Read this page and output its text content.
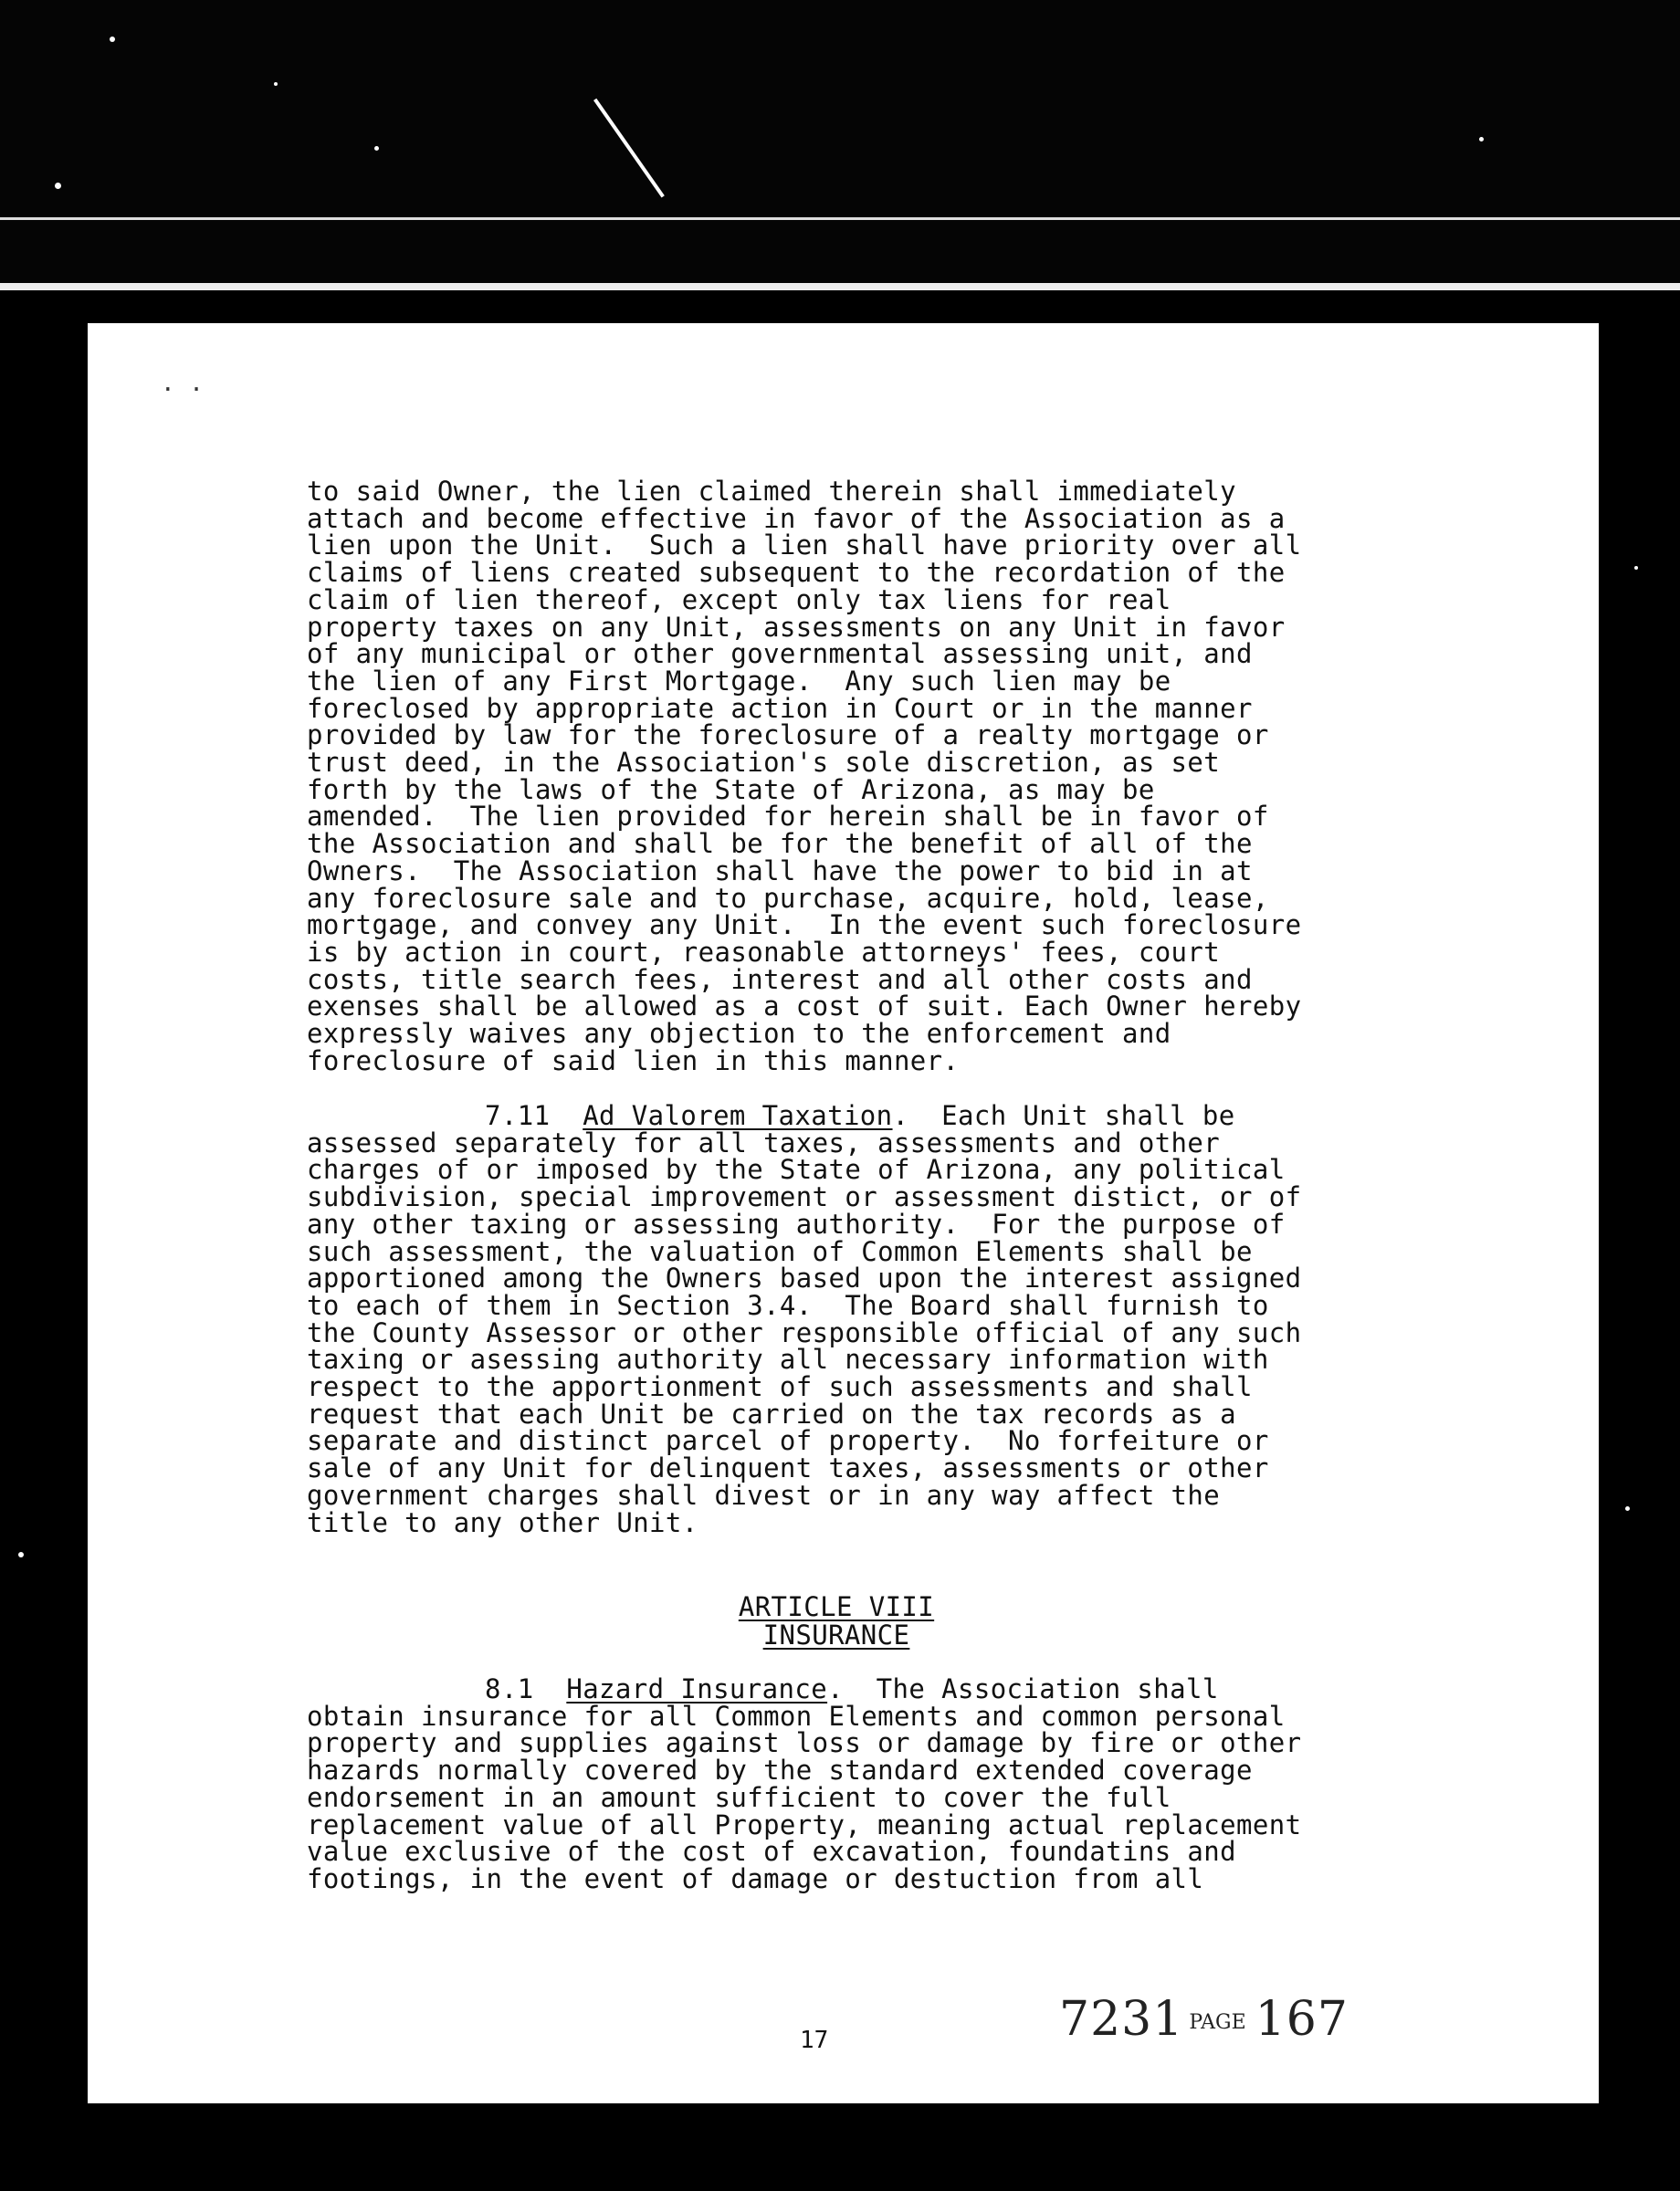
· ·
to said Owner, the lien claimed therein shall immediately
attach and become effective in favor of the Association as a
lien upon the Unit.  Such a lien shall have priority over all
claims of liens created subsequent to the recordation of the
claim of lien thereof, except only tax liens for real
property taxes on any Unit, assessments on any Unit in favor
of any municipal or other governmental assessing unit, and
the lien of any First Mortgage.  Any such lien may be
foreclosed by appropriate action in Court or in the manner
provided by law for the foreclosure of a realty mortgage or
trust deed, in the Association's sole discretion, as set
forth by the laws of the State of Arizona, as may be
amended.  The lien provided for herein shall be in favor of
the Association and shall be for the benefit of all of the
Owners.  The Association shall have the power to bid in at
any foreclosure sale and to purchase, acquire, hold, lease,
mortgage, and convey any Unit.  In the event such foreclosure
is by action in court, reasonable attorneys' fees, court
costs, title search fees, interest and all other costs and
exenses shall be allowed as a cost of suit. Each Owner hereby
expressly waives any objection to the enforcement and
foreclosure of said lien in this manner.
7.11 Ad Valorem Taxation.  Each Unit shall be
assessed separately for all taxes, assessments and other
charges of or imposed by the State of Arizona, any political
subdivision, special improvement or assessment distict, or of
any other taxing or assessing authority.  For the purpose of
such assessment, the valuation of Common Elements shall be
apportioned among the Owners based upon the interest assigned
to each of them in Section 3.4.  The Board shall furnish to
the County Assessor or other responsible official of any such
taxing or asessing authority all necessary information with
respect to the apportionment of such assessments and shall
request that each Unit be carried on the tax records as a
separate and distinct parcel of property.  No forfeiture or
sale of any Unit for delinquent taxes, assessments or other
government charges shall divest or in any way affect the
title to any other Unit.
ARTICLE VIII
INSURANCE
8.1 Hazard Insurance.  The Association shall
obtain insurance for all Common Elements and common personal
property and supplies against loss or damage by fire or other
hazards normally covered by the standard extended coverage
endorsement in an amount sufficient to cover the full
replacement value of all Property, meaning actual replacement
value exclusive of the cost of excavation, foundatins and
footings, in the event of damage or destuction from all
17	7231 PAGE 167
